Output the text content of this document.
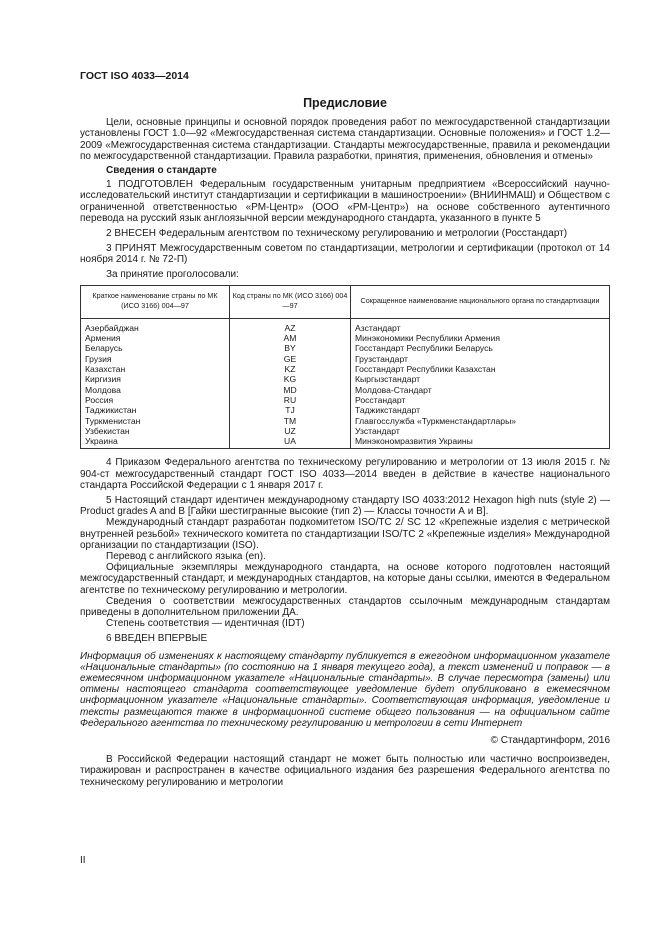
ГОСТ ISO 4033—2014
Предисловие

Цели, основные принципы и основной порядок проведения работ по межгосударственной стандартизации установлены ГОСТ 1.0—92 «Межгосударственная система стандартизации. Основные положения» и ГОСТ 1.2—2009 «Межгосударственная система стандартизации. Стандарты межгосударственные, правила и рекомендации по межгосударственной стандартизации. Правила разработки, принятия, применения, обновления и отмены»

Сведения о стандарте

1 ПОДГОТОВЛЕН Федеральным государственным унитарным предприятием «Всероссийский научно-исследовательский институт стандартизации и сертификации в машиностроении» (ВНИИНМАШ) и Обществом с ограниченной ответственностью «РМ-Центр» (ООО «РМ-Центр») на основе собственного аутентичного перевода на русский язык англоязычной версии международного стандарта, указанного в пункте 5

2 ВНЕСЕН Федеральным агентством по техническому регулированию и метрологии (Росстандарт)

3 ПРИНЯТ Межгосударственным советом по стандартизации, метрологии и сертификации (протокол от 14 ноября 2014 г. № 72-П)

За принятие проголосовали:

Краткое наименование страны по МК (ИСО 3166) 004—97	Код страны по МК (ИСО 3166) 004—97	Сокращенное наименование национального органа по стандартизации
Азербайджан	AZ	Азстандарт
Армения	AM	Минэкономики Республики Армения
Беларусь	BY	Госстандарт Республики Беларусь
Грузия	GE	Грузстандарт
Казахстан	KZ	Госстандарт Республики Казахстан
Киргизия	KG	Кыргызстандарт
Молдова	MD	Молдова-Стандарт
Россия	RU	Росстандарт
Таджикистан	TJ	Таджикстандарт
Туркменистан	TM	Главгосслужба «Туркменстандартлары»
Узбекистан	UZ	Узстандарт
Украина	UA	Минэкономразвития Украины

4 Приказом Федерального агентства по техническому регулированию и метрологии от 13 июля 2015 г. № 904-ст межгосударственный стандарт ГОСТ ISO 4033—2014 введен в действие в качестве национального стандарта Российской Федерации с 1 января 2017 г.

5 Настоящий стандарт идентичен международному стандарту ISO 4033:2012 Hexagon high nuts (style 2) — Product grades A and B [Гайки шестигранные высокие (тип 2) — Классы точности А и В].

Международный стандарт разработан подкомитетом ISO/TC 2/ SC 12 «Крепежные изделия с метрической внутренней резьбой» технического комитета по стандартизации ISO/TC 2 «Крепежные изделия» Международной организации по стандартизации (ISO).

Перевод с английского языка (en).

Официальные экземпляры международного стандарта, на основе которого подготовлен настоящий межгосударственный стандарт, и международных стандартов, на которые даны ссылки, имеются в Федеральном агентстве по техническому регулированию и метрологии.

Сведения о соответствии межгосударственных стандартов ссылочным международным стандартам приведены в дополнительном приложении ДА.

Степень соответствия — идентичная (IDT)

6 ВВЕДЕН ВПЕРВЫЕ

Информация об изменениях к настоящему стандарту публикуется в ежегодном информационном указателе «Национальные стандарты» (по состоянию на 1 января текущего года), а текст изменений и поправок — в ежемесячном информационном указателе «Национальные стандарты». В случае пересмотра (замены) или отмены настоящего стандарта соответствующее уведомление будет опубликовано в ежемесячном информационном указателе «Национальные стандарты». Соответствующая информация, уведомление и тексты размещаются также в информационной системе общего пользования — на официальном сайте Федерального агентства по техническому регулированию и метрологии в сети Интернет

© Стандартинформ, 2016

В Российской Федерации настоящий стандарт не может быть полностью или частично воспроизведен, тиражирован и распространен в качестве официального издания без разрешения Федерального агентства по техническому регулированию и метрологии

II
